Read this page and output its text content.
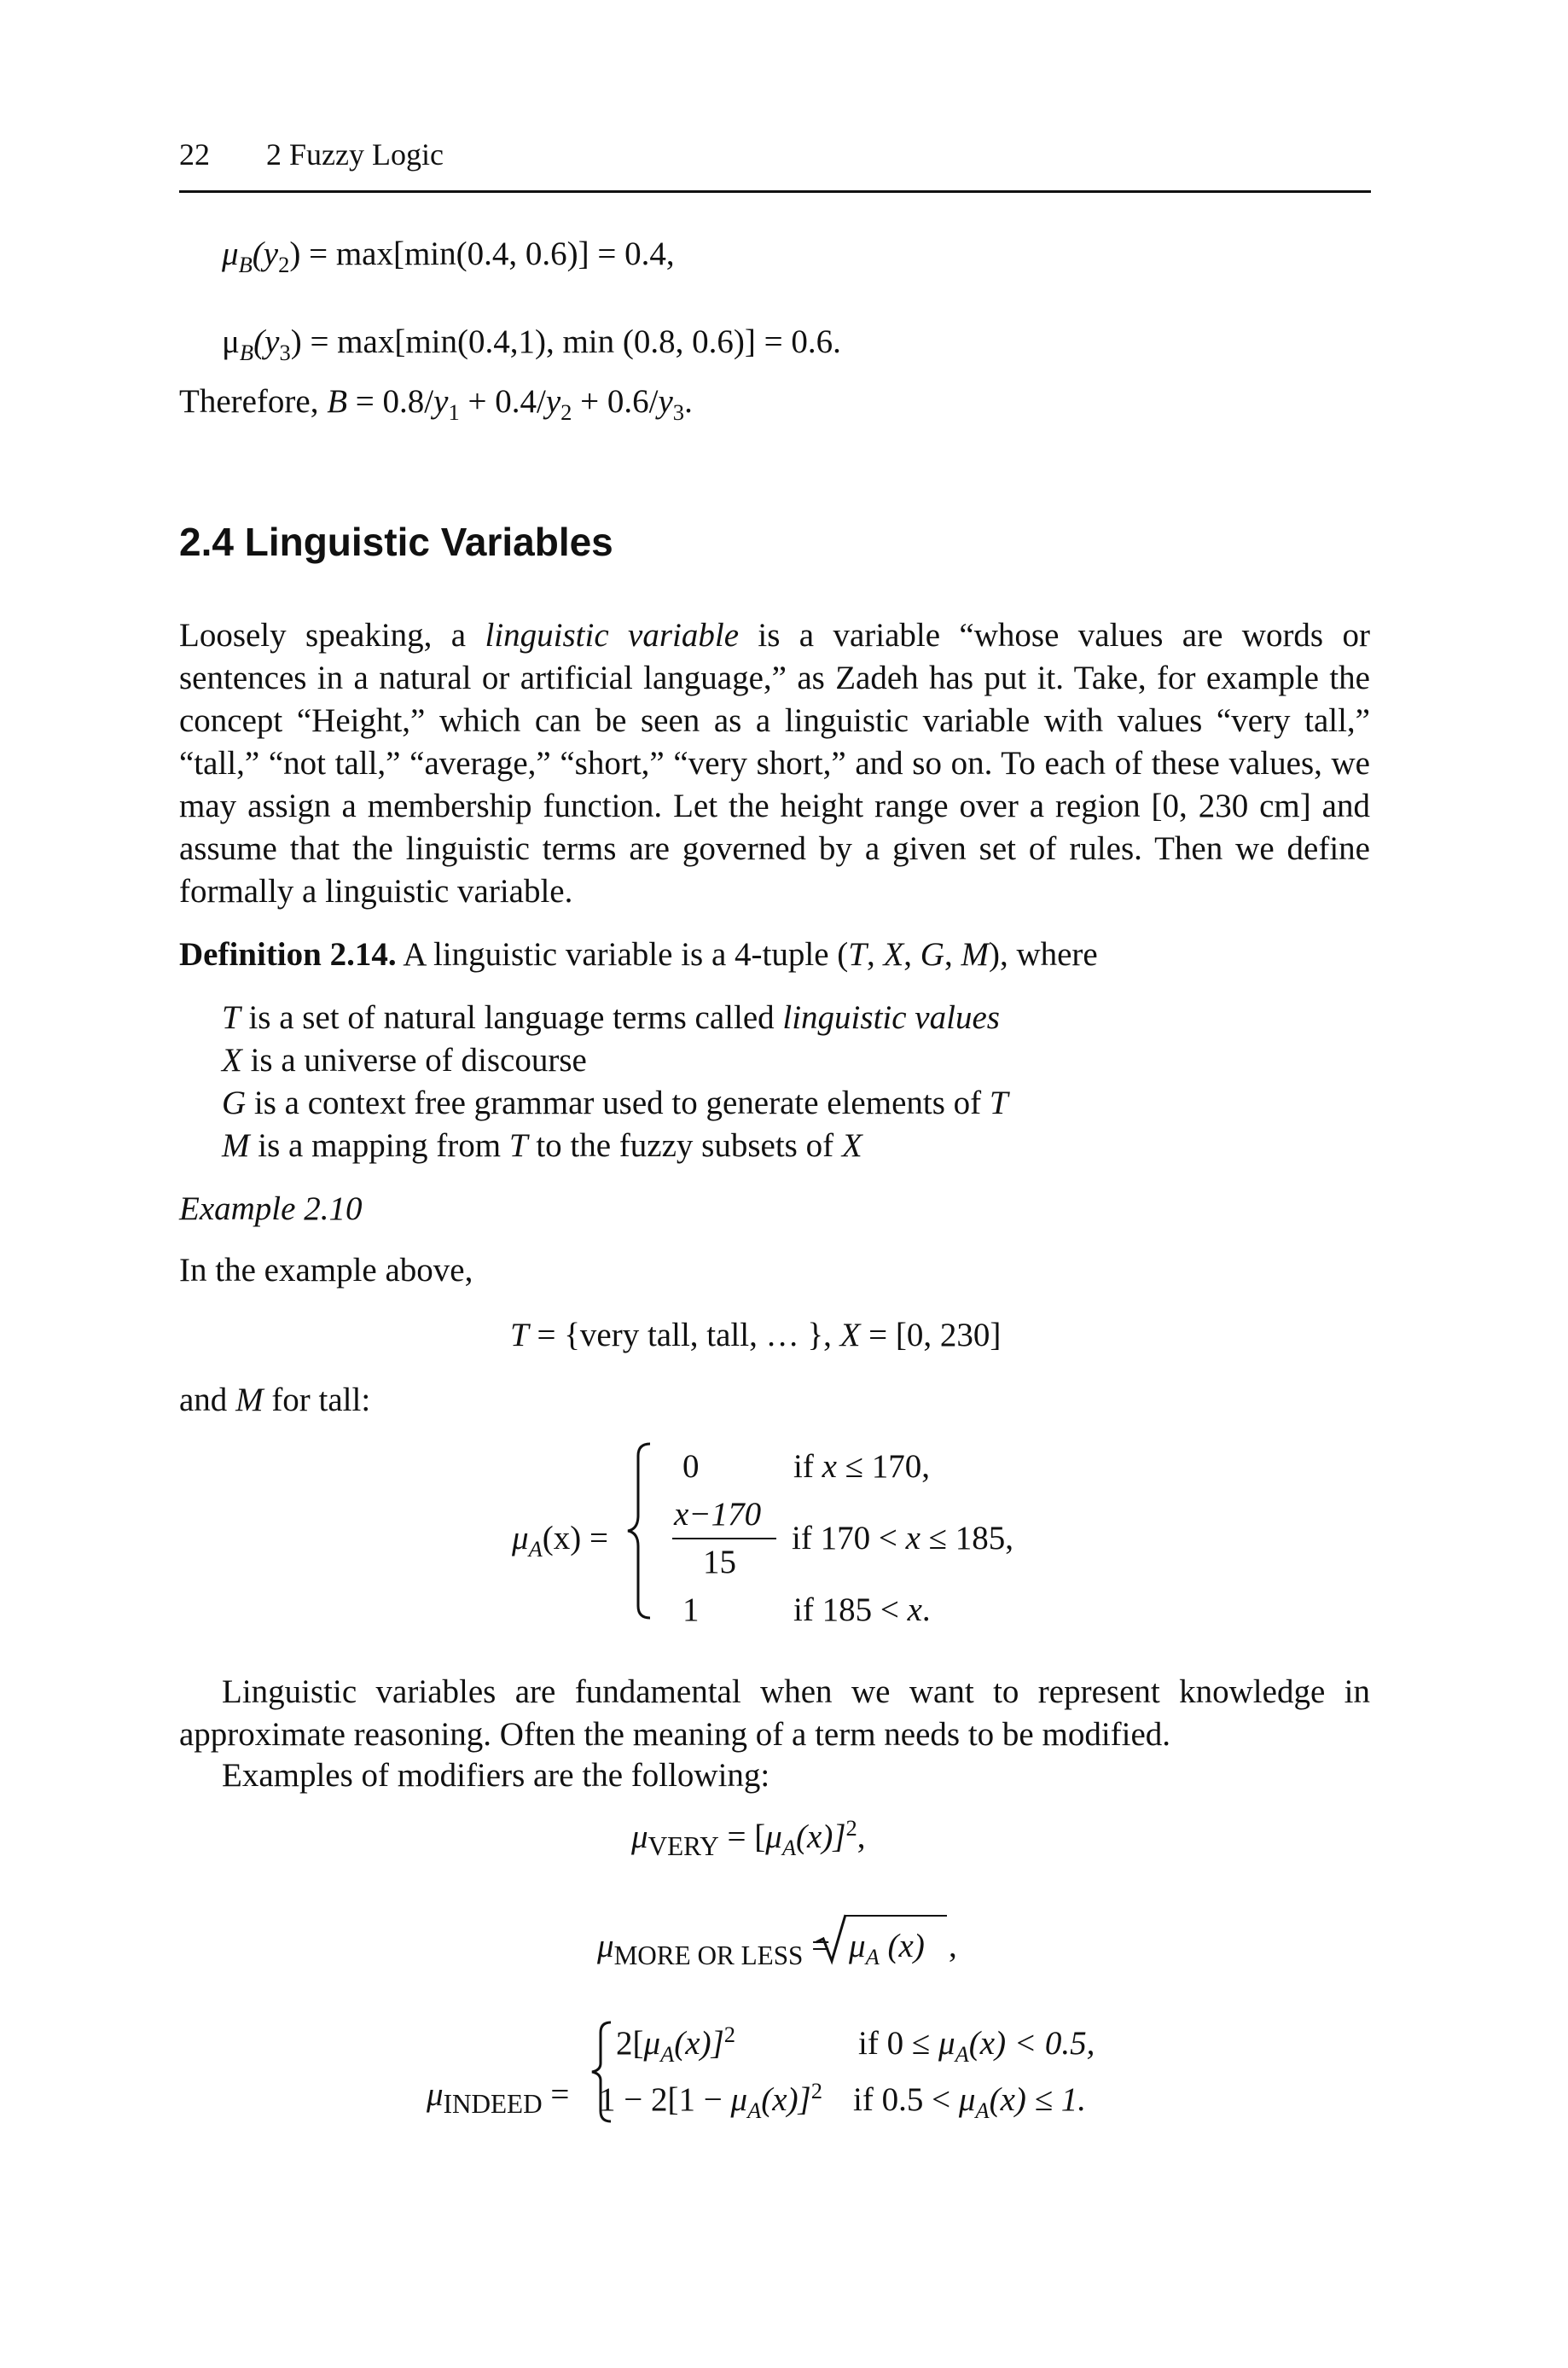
22 2 Fuzzy Logic
$\mu_B(y_2) = \max[\min(0.4$, 0.6)] = 0.4,
$\mu_B(y_3) = \max[\min(0.4,1)$, min (0.8, 0.6)] = 0.6.
Therefore, $B = 0.8/y_1 + 0.4/y_2 + 0.6/y_3$.
2.4 Linguistic Variables
Loosely speaking, a linguistic variable is a variable “whose values are words or sentences in a natural or artificial language,” as Zadeh has put it. Take, for example the concept “Height,” which can be seen as a linguistic variable with values “very tall,” “tall,” “not tall,” “average,” “short,” “very short,” and so on. To each of these values, we may assign a membership function. Let the height range over a region [0, 230 cm] and assume that the linguistic terms are governed by a given set of rules. Then we define formally a linguistic variable.
Definition 2.14. A linguistic variable is a 4-tuple (T, X, G, M), where
T is a set of natural language terms called linguistic values
X is a universe of discourse
G is a context free grammar used to generate elements of T
M is a mapping from T to the fuzzy subsets of X
Example 2.10
In the example above,
T = {very tall, tall, … }, X = [0, 230]
and M for tall:
$\mu_A(x)$ =
0	if x ≤ 170,
x−170
15
if 170 < x ≤ 185,
1	if 185 < x.
Linguistic variables are fundamental when we want to represent knowledge in approximate reasoning. Often the meaning of a term needs to be modified.
Examples of modifiers are the following:
$\mu_{VERY} = [\mu_A(x)]^2$,
$\mu_{MORE OR LESS} = \mu_A$ (x) ,
$\mu_{INDEED}$ =
$2[\mu_A(x)]^2$	if $0 \le \mu_A(x) < 0.5$,
$1 - 2[1 - \mu_A(x)]^2$ if $0.5 < \mu_A(x) \le 1$.
